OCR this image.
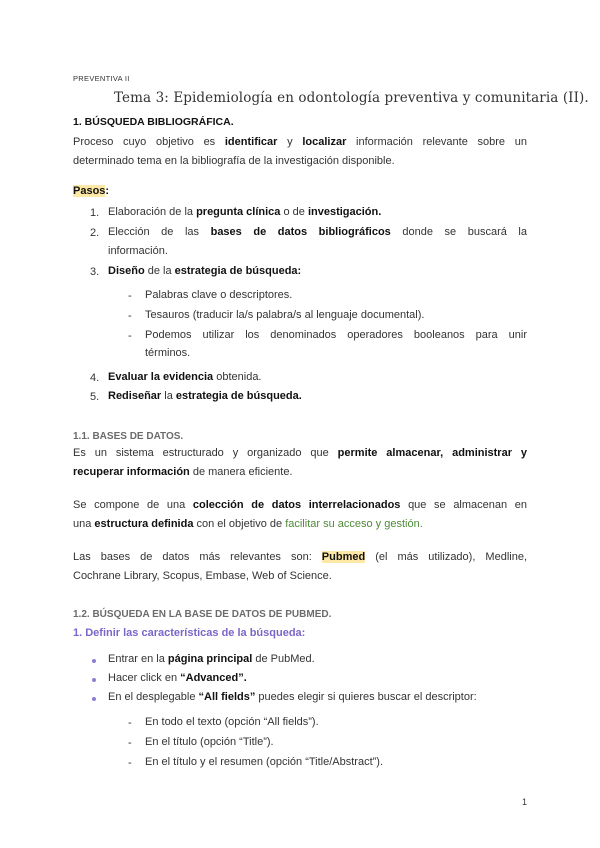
PREVENTIVA II
Tema 3: Epidemiología en odontología preventiva y comunitaria (II).
1. BÚSQUEDA BIBLIOGRÁFICA.
Proceso cuyo objetivo es identificar y localizar información relevante sobre un
determinado tema en la bibliografía de la investigación disponible.
Pasos:
1. Elaboración de la pregunta clínica o de investigación.
2. Elección de las bases de datos bibliográficos donde se buscará la
información.
3. Diseño de la estrategia de búsqueda:
- Palabras clave o descriptores.
- Tesauros (traducir la/s palabra/s al lenguaje documental).
- Podemos utilizar los denominados operadores booleanos para unir
términos.
4. Evaluar la evidencia obtenida.
5. Rediseñar la estrategia de búsqueda.
1.1. BASES DE DATOS.
Es un sistema estructurado y organizado que permite almacenar, administrar y
recuperar información de manera eficiente.
Se compone de una colección de datos interrelacionados que se almacenan en
una estructura definida con el objetivo de facilitar su acceso y gestión.
Las bases de datos más relevantes son: Pubmed (el más utilizado), Medline,
Cochrane Library, Scopus, Embase, Web of Science.
1.2. BÚSQUEDA EN LA BASE DE DATOS DE PUBMED.
1. Definir las características de la búsqueda:
Entrar en la página principal de PubMed.
Hacer click en “Advanced”.
En el desplegable “All fields” puedes elegir si quieres buscar el descriptor:
- En todo el texto (opción “All fields”).
- En el título (opción “Title”).
- En el título y el resumen (opción “Title/Abstract”).
1
